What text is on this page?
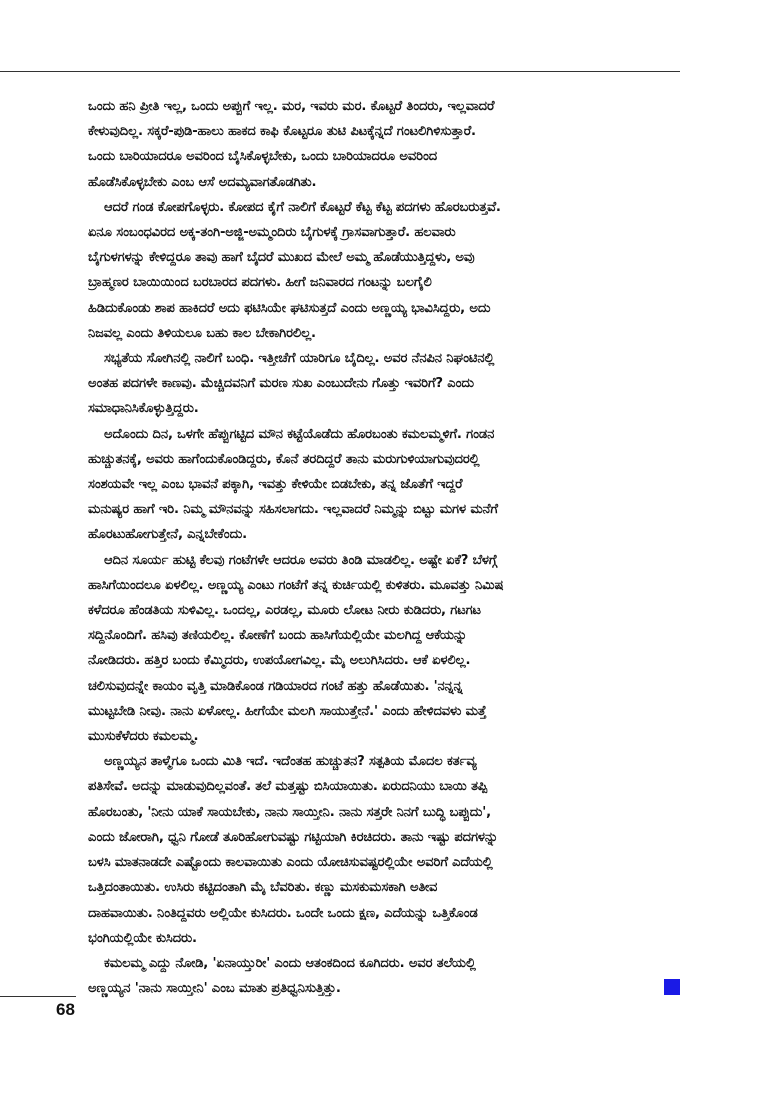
ಒಂದು ಹನಿ ಪ್ರೀತಿ ಇಲ್ಲ, ಒಂದು ಅಪ್ಪುಗೆ ಇಲ್ಲ. ಮರ, ಇವರು ಮರ. ಕೊಟ್ಟರೆ ತಿಂದರು, ಇಲ್ಲವಾದರೆ
ಕೇಳುವುದಿಲ್ಲ. ಸಕ್ಕರೆ-ಪುಡಿ-ಹಾಲು ಹಾಕದ ಕಾಫಿ ಕೊಟ್ಟರೂ ತುಟಿ ಪಿಟಕ್ಕೆನ್ನದೆ ಗಂಟಲಿಗಿಳಿಸುತ್ತಾರೆ.
ಒಂದು ಬಾರಿಯಾದರೂ ಅವರಿಂದ ಬೈಸಿಕೊಳ್ಳಬೇಕು, ಒಂದು ಬಾರಿಯಾದರೂ ಅವರಿಂದ
ಹೊಡೆಸಿಕೊಳ್ಳಬೇಕು ಎಂಬ ಆಸೆ ಅದಮ್ಯವಾಗತೊಡಗಿತು.

ಆದರೆ ಗಂಡ ಕೋಪಗೊಳ್ಳರು. ಕೋಪದ ಕೈಗೆ ನಾಲಿಗೆ ಕೊಟ್ಟರೆ ಕೆಟ್ಟ ಕೆಟ್ಟ ಪದಗಳು ಹೊರಬರುತ್ತವೆ.
ಏನೂ ಸಂಬಂಧವಿರದ ಅಕ್ಕ-ತಂಗಿ-ಅಜ್ಜಿ-ಅಮ್ಮಂದಿರು ಬೈಗುಳಕ್ಕೆ ಗ್ರಾಸವಾಗುತ್ತಾರೆ. ಹಲವಾರು
ಬೈಗುಳಗಳನ್ನು ಕೇಳಿದ್ದರೂ ತಾವು ಹಾಗೆ ಬೈದರೆ ಮುಖದ ಮೇಲೆ ಅಮ್ಮ ಹೊಡೆಯುತ್ತಿದ್ದಳು, ಅವು
ಬ್ರಾಹ್ಮಣರ ಬಾಯಿಯಿಂದ ಬರಬಾರದ ಪದಗಳು. ಹೀಗೆ ಜನಿವಾರದ ಗಂಟನ್ನು ಬಲಗೈಲಿ
ಹಿಡಿದುಕೊಂಡು ಶಾಪ ಹಾಕಿದರೆ ಅದು ಫಟಿಸಿಯೇ ಘಟಿಸುತ್ತದೆ ಎಂದು ಅಣ್ಣಯ್ಯ ಭಾವಿಸಿದ್ದರು, ಅದು
ನಿಜವಲ್ಲ ಎಂದು ತಿಳಿಯಲೂ ಬಹು ಕಾಲ ಬೇಕಾಗಿರಲಿಲ್ಲ.

ಸಭ್ಯತೆಯ ಸೋಗಿನಲ್ಲಿ ನಾಲಿಗೆ ಬಂಧಿ. ಇತ್ತೀಚೆಗೆ ಯಾರಿಗೂ ಬೈದಿಲ್ಲ. ಅವರ ನೆನಪಿನ ನಿಘಂಟಿನಲ್ಲಿ
ಅಂತಹ ಪದಗಳೇ ಕಾಣವು. ಮೆಚ್ಚಿದವನಿಗೆ ಮರಣ ಸುಖ ಎಂಬುದೇನು ಗೊತ್ತು ಇವರಿಗೆ? ಎಂದು
ಸಮಾಧಾನಿಸಿಕೊಳ್ಳುತ್ತಿದ್ದರು.

ಅದೊಂದು ದಿನ, ಒಳಗೇ ಹೆಪ್ಪುಗಟ್ಟಿದ ಮೌನ ಕಟ್ಟೆಯೊಡೆದು ಹೊರಬಂತು ಕಮಲಮ್ಮಳಿಗೆ. ಗಂಡನ
ಹುಚ್ಚುತನಕ್ಕೆ, ಅವರು ಹಾಗೆಂದುಕೊಂಡಿದ್ದರು, ಕೊನೆ ತರದಿದ್ದರೆ ತಾನು ಮರುಗುಳಿಯಾಗುವುದರಲ್ಲಿ
ಸಂಶಯವೇ ಇಲ್ಲ ಎಂಬ ಭಾವನೆ ಪಕ್ಕಾಗಿ, ಇವತ್ತು ಕೇಳಿಯೇ ಬಿಡಬೇಕು, ತನ್ನ ಜೊತೆಗೆ ಇದ್ದರೆ
ಮನುಷ್ಯರ ಹಾಗೆ ಇರಿ. ನಿಮ್ಮ ಮೌನವನ್ನು ಸಹಿಸಲಾಗದು. ಇಲ್ಲವಾದರೆ ನಿಮ್ಮನ್ನು ಬಿಟ್ಟು ಮಗಳ ಮನೆಗೆ
ಹೊರಟುಹೋಗುತ್ತೇನೆ, ಎನ್ನಬೇಕೆಂದು.

ಆದಿನ ಸೂರ್ಯ ಹುಟ್ಟಿ ಕೆಲವು ಗಂಟೆಗಳೇ ಆದರೂ ಅವರು ತಿಂಡಿ ಮಾಡಲಿಲ್ಲ. ಅಷ್ಟೇ ಏಕೆ? ಬೆಳಗ್ಗೆ
ಹಾಸಿಗೆಯಿಂದಲೂ ಏಳಲಿಲ್ಲ. ಅಣ್ಣಯ್ಯ ಎಂಟು ಗಂಟೆಗೆ ತನ್ನ ಕುರ್ಚಿಯಲ್ಲಿ ಕುಳಿತರು. ಮೂವತ್ತು ನಿಮಿಷ
ಕಳೆದರೂ ಹೆಂಡತಿಯ ಸುಳಿವಿಲ್ಲ. ಒಂದಲ್ಲ, ಎರಡಲ್ಲ, ಮೂರು ಲೋಟ ನೀರು ಕುಡಿದರು, ಗಟಗಟ
ಸದ್ದಿನೊಂದಿಗೆ. ಹಸಿವು ತಣಿಯಲಿಲ್ಲ. ಕೋಣೆಗೆ ಬಂದು ಹಾಸಿಗೆಯಲ್ಲಿಯೇ ಮಲಗಿದ್ದ ಆಕೆಯನ್ನು
ನೋಡಿದರು. ಹತ್ತಿರ ಬಂದು ಕೆಮ್ಮಿದರು, ಉಪಯೋಗವಿಲ್ಲ. ಮೈ ಅಲುಗಿಸಿದರು. ಆಕೆ ಏಳಲಿಲ್ಲ.
ಚಲಿಸುವುದನ್ನೇ ಕಾಯಂ ವೃತ್ತಿ ಮಾಡಿಕೊಂಡ ಗಡಿಯಾರದ ಗಂಟೆ ಹತ್ತು ಹೊಡೆಯಿತು. 'ನನ್ನನ್ನ
ಮುಟ್ಟಬೇಡಿ ನೀವು. ನಾನು ಏಳೋಲ್ಲ. ಹೀಗೆಯೇ ಮಲಗಿ ಸಾಯುತ್ತೇನೆ.' ಎಂದು ಹೇಳಿದವಳು ಮತ್ತೆ
ಮುಸುಕೆಳೆದರು ಕಮಲಮ್ಮ.

ಅಣ್ಣಯ್ಯನ ತಾಳ್ಮೆಗೂ ಒಂದು ಮಿತಿ ಇದೆ. ಇದೆಂತಹ ಹುಚ್ಚುತನ? ಸತ್ಪತಿಯ ಮೊದಲ ಕರ್ತವ್ಯ
ಪತಿಸೇವೆ. ಅದನ್ನು ಮಾಡುವುದಿಲ್ಲವಂತೆ. ತಲೆ ಮತ್ತಷ್ಟು ಬಿಸಿಯಾಯಿತು. ಏರುದನಿಯು ಬಾಯಿ ತಪ್ಪಿ
ಹೊರಬಂತು, 'ನೀನು ಯಾಕೆ ಸಾಯಬೇಕು, ನಾನು ಸಾಯ್ತೀನಿ. ನಾನು ಸತ್ತರೇ ನಿನಗೆ ಬುದ್ಧಿ ಬಪ್ಪುದು',
ಎಂದು ಜೋರಾಗಿ, ಧ್ವನಿ ಗೋಡೆ ತೂರಿಹೋಗುವಷ್ಟು ಗಟ್ಟಿಯಾಗಿ ಕಿರಚಿದರು. ತಾನು ಇಷ್ಟು ಪದಗಳನ್ನು
ಬಳಸಿ ಮಾತನಾಡದೇ ಎಷ್ಟೊಂದು ಕಾಲವಾಯಿತು ಎಂದು ಯೋಚಿಸುವಷ್ಟರಲ್ಲಿಯೇ ಅವರಿಗೆ ಎದೆಯಲ್ಲಿ
ಒತ್ತಿದಂತಾಯಿತು. ಉಸಿರು ಕಟ್ಟಿದಂತಾಗಿ ಮೈ ಬೆವರಿತು. ಕಣ್ಣು ಮಸಕುಮಸಕಾಗಿ ಅತೀವ
ದಾಹವಾಯಿತು. ನಿಂತಿದ್ದವರು ಅಲ್ಲಿಯೇ ಕುಸಿದರು. ಒಂದೇ ಒಂದು ಕ್ಷಣ, ಎದೆಯನ್ನು ಒತ್ತಿಕೊಂಡ
ಭಂಗಿಯಲ್ಲಿಯೇ ಕುಸಿದರು.

ಕಮಲಮ್ಮ ಎದ್ದು ನೋಡಿ, 'ಏನಾಯ್ತುರೀ' ಎಂದು ಆತಂಕದಿಂದ ಕೂಗಿದರು. ಅವರ ತಲೆಯಲ್ಲಿ
ಅಣ್ಣಯ್ಯನ 'ನಾನು ಸಾಯ್ತೀನಿ' ಎಂಬ ಮಾತು ಪ್ರತಿಧ್ವನಿಸುತ್ತಿತ್ತು.

68
